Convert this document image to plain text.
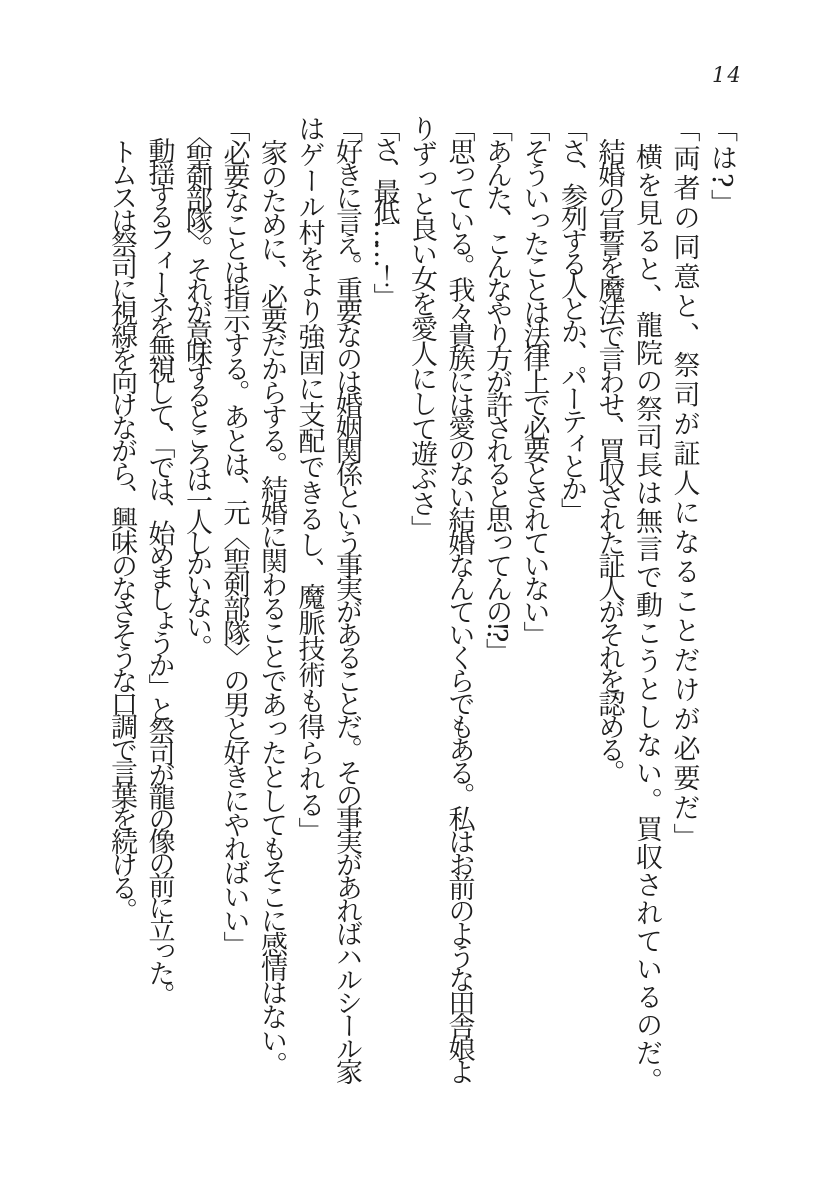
14
「は?」
「両者の同意と、祭司が証人になることだけが必要だ」
　横を見ると、龍院の祭司長は無言で動こうとしない。買収されているのだ。
　結婚の宣誓を魔法で言わせ、買収された証人がそれを認める。
「さ、参列する人とか、パーティとか」
「そういったことは法律上で必要とされていない」
「あんた、こんなやり方が許されると思ってんの!?」
「思っている。我々貴族には愛のない結婚なんていくらでもある。私はお前のような田舎娘よ
りずっと良い女を愛人にして遊ぶさ」
「さ、最低……！」
「好きに言え。重要なのは婚姻関係という事実があることだ。その事実があればハルシール家
はゲール村をより強固に支配できるし、魔脈技術も得られる」
　家のために、必要だからする。結婚に関わることであったとしてもそこに感情はない。
「必要なことは指示する。あとは、元〈聖剣部隊〉の男と好きにやればいい」
　〈聖剣部隊〉。それが意味するところは一人しかいない。
　動揺するフィーネを無視して、「では、始めましょうか」と祭司が龍の像の前に立った。
　トムスは祭司に視線を向けながら、興味のなさそうな口調で言葉を続ける。
